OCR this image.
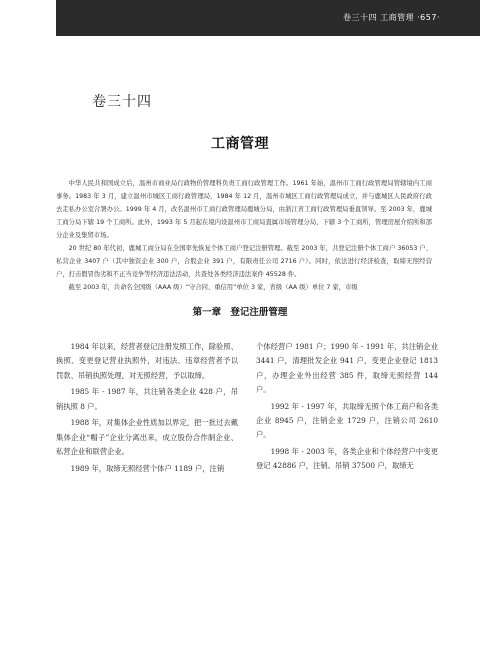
卷三十四 工商管理 ·657·
卷三十四
工商管理

中华人民共和国成立后，温州市商业局行政物价管理科负责工商行政管理工作。1961 年始，温州市工商行政管理局管辖境内工商事务。1983 年 3 月，建立温州市城区工商行政管理局，1984 年 12 月，温州市城区工商行政管理局成立，并与鹿城区人民政府行政去走私办公室合署办公。1999 年 4 月，改名温州市工商行政管理局鹿城分局，由浙江省工商行政管理局垂直领导。至 2003 年，鹿城工商分局下辖 19 个工商所。此外，1993 年 5 月起在境内设温州市工商局直属市场管理分局，下辖 3 个工商所，管理房屋介绍所和部分企业及集贸市场。

20 世纪 80 年代初，鹿城工商分局在全国率先恢复个体工商户登记注册管理。截至 2003 年，共登记注册个体工商户 36053 户、私营企业 3407 户（其中独资企业 300 户，合股企业 391 户，有限责任公司 2716 户）。同时，依法进行经济检查，取缔无照经营户，打击假冒伪劣和不正当竞争等经济违法活动，共查处各类经济违法案件 45528 件。

截至 2003 年，共命名全国级（AAA 级）“守合同、重信用”单位 3 家，省级（AA 级）单位 7 家，市级

第一章 登记注册管理

1984 年以来，经营者登记注册发照工作，除验照、换照、变更登记营业执照外，对违法、违章经营者予以罚款、吊销执照处理，对无照经营，予以取缔。

1985 年 - 1987 年，共注销各类企业 428 户，吊销执照 8 户。

1988 年，对集体企业性质加以界定，把一批过去戴集体企业“帽子”企业分离出来，成立股份合作制企业、私营企业和联营企业。

1989 年，取缔无照经营个体户 1189 户，注销

个体经营户 1981 户；1990 年 - 1991 年，共注销企业 3441 户，清理批发企业 941 户，变更企业登记 1813 户，办理企业外出经营 385 件，取缔无照经营 144 户。

1992 年 - 1997 年，共取缔无照个体工商户和各类企业 8945 户，注销企业 1729 户，注销公司 2610 户。

1998 年 - 2003 年，各类企业和个体经营户中变更登记 42886 户，注销、吊销 37500 户，取缔无
